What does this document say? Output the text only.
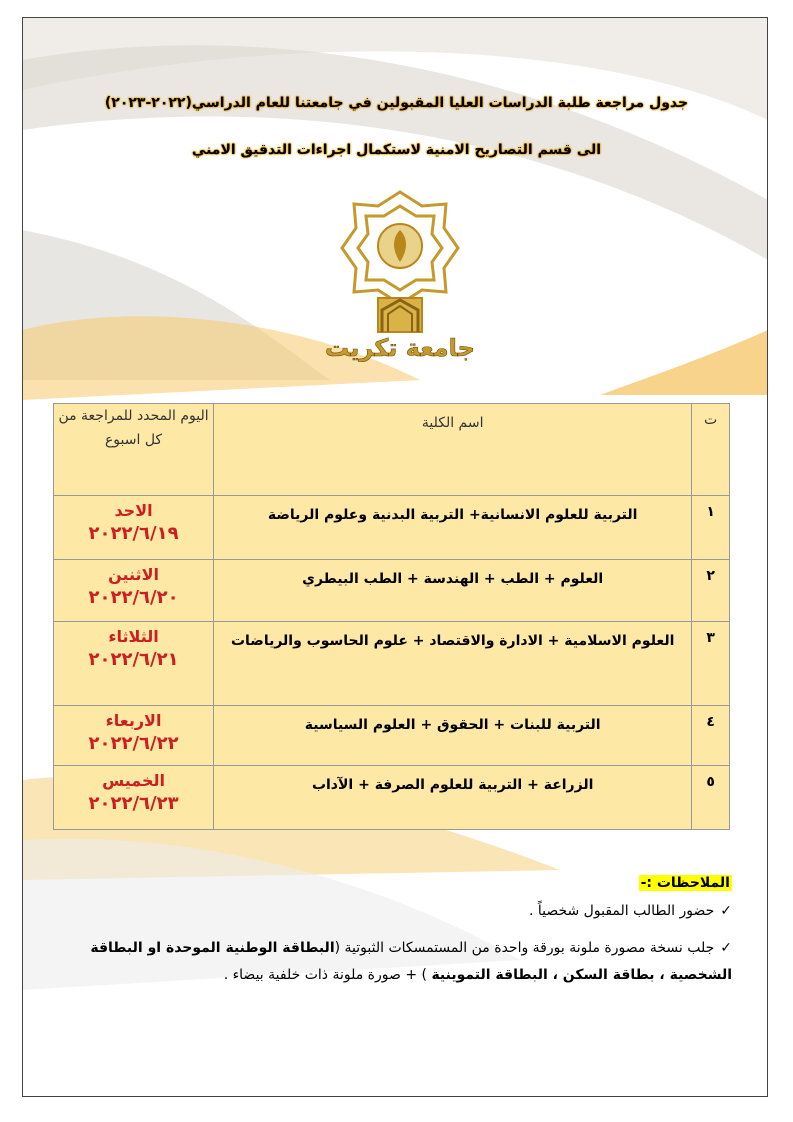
جدول مراجعة طلبة الدراسات العليا المقبولين في جامعتنا للعام الدراسي(٢٠٢٢-٢٠٢٣)
الى قسم التصاريح الامنية لاستكمال اجراءات التدقيق الامني
جامعة تكريت
ت	اسم الكلية	اليوم المحدد للمراجعة من كل اسبوع
١	التربية للعلوم الانسانية+ التربية البدنية وعلوم الرياضة	الاحد
٢٠٢٢/٦/١٩

٢	العلوم + الطب + الهندسة + الطب البيطري	الاثنين
٢٠٢٢/٦/٢٠

٣	العلوم الاسلامية + الادارة والاقتصاد + علوم الحاسوب والرياضات	الثلاثاء
٢٠٢٢/٦/٢١

٤	التربية للبنات + الحقوق + العلوم السياسية	الاربعاء
٢٠٢٢/٦/٢٢

٥	الزراعة + التربية للعلوم الصرفة + الآداب	الخميس
٢٠٢٢/٦/٢٣
الملاحظات :-
✓حضور الطالب المقبول شخصياً .
✓جلب نسخة مصورة ملونة بورقة واحدة من المستمسكات الثبوتية (البطاقة الوطنية الموحدة او البطاقة الشخصية ، بطاقة السكن ، البطاقة التموينية ) + صورة ملونة ذات خلفية بيضاء .
